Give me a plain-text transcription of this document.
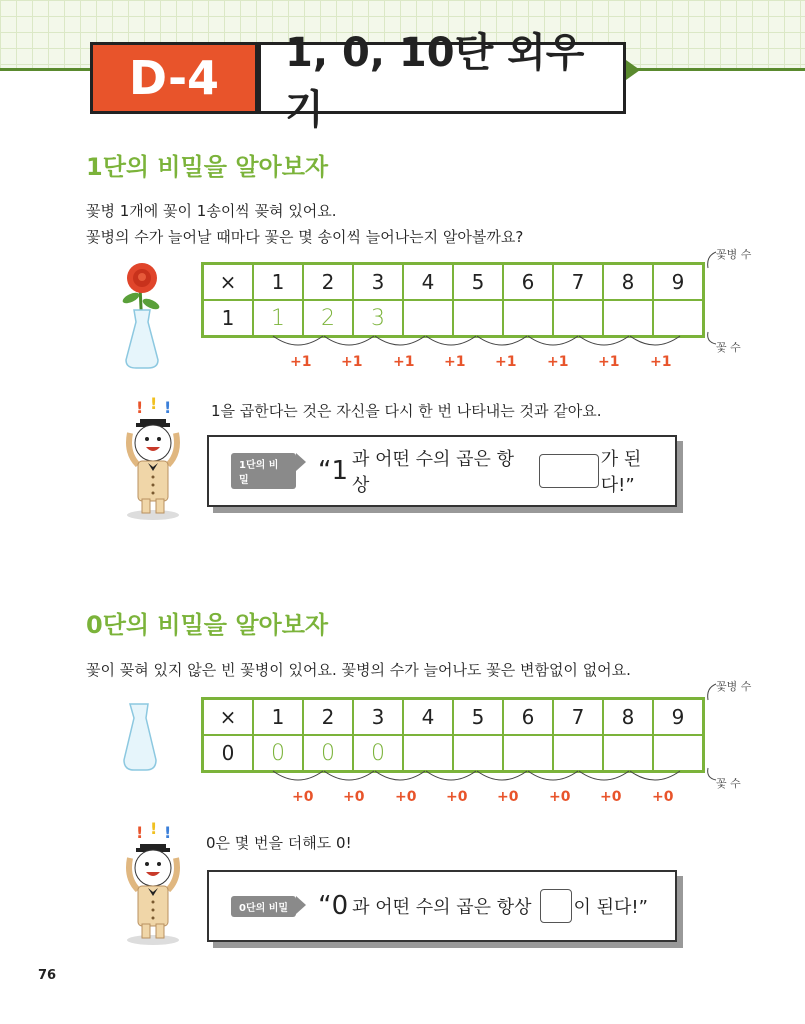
D-4	1, 0, 10단 외우기
1단의 비밀을 알아보자
꽃병 1개에 꽃이 1송이씩 꽂혀 있어요.
꽃병의 수가 늘어날 때마다 꽃은 몇 송이씩 늘어나는지 알아볼까요?
×	1	2	3	4	5	6	7	8	9
1	1	2	3						
+1 +1 +1 +1 +1 +1 +1 +1
꽃병 수
꽃 수
! ! !	1을 곱한다는 것은 자신을 다시 한 번 나타내는 것과 같아요.
1단의 비밀	“ 1 과 어떤 수의 곱은 항상
가 된다!”
0단의 비밀을 알아보자
꽃이 꽂혀 있지 않은 빈 꽃병이 있어요. 꽃병의 수가 늘어나도 꽃은 변함없이 없어요.
×	1	2	3	4	5	6	7	8	9
0	0	0	0						
+0 +0 +0 +0 +0 +0 +0 +0
꽃병 수
꽃 수
! ! !
0은 몇 번을 더해도 0!
0단의 비밀	“ 0 과 어떤 수의 곱은 항상 이 된다!”
76
